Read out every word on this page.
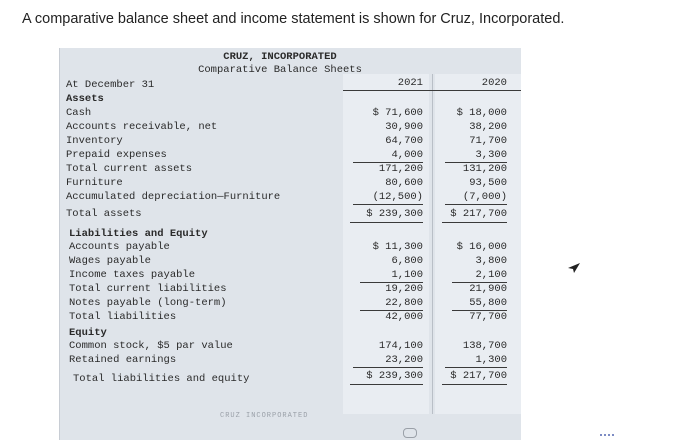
A comparative balance sheet and income statement is shown for Cruz, Incorporated.
CRUZ, INCORPORATED
Comparative Balance Sheets
At December 31	2021	2020
Assets
Cash	$ 71,600	$ 18,000
Accounts receivable, net	30,900	38,200
Inventory	64,700	71,700
Prepaid expenses	4,000	3,300
Total current assets	171,200	131,200
Furniture	80,600	93,500
Accumulated depreciation—Furniture	(12,500)	(7,000)
Total assets	$ 239,300	$ 217,700
Liabilities and Equity
Accounts payable	$ 11,300	$ 16,000
Wages payable	6,800	3,800
Income taxes payable	1,100	2,100
Total current liabilities	19,200	21,900
Notes payable (long-term)	22,800	55,800
Total liabilities	42,000	77,700
Equity
Common stock, $5 par value	174,100	138,700
Retained earnings	23,200	1,300
Total liabilities and equity	$ 239,300	$ 217,700
CRUZ INCORPORATED
